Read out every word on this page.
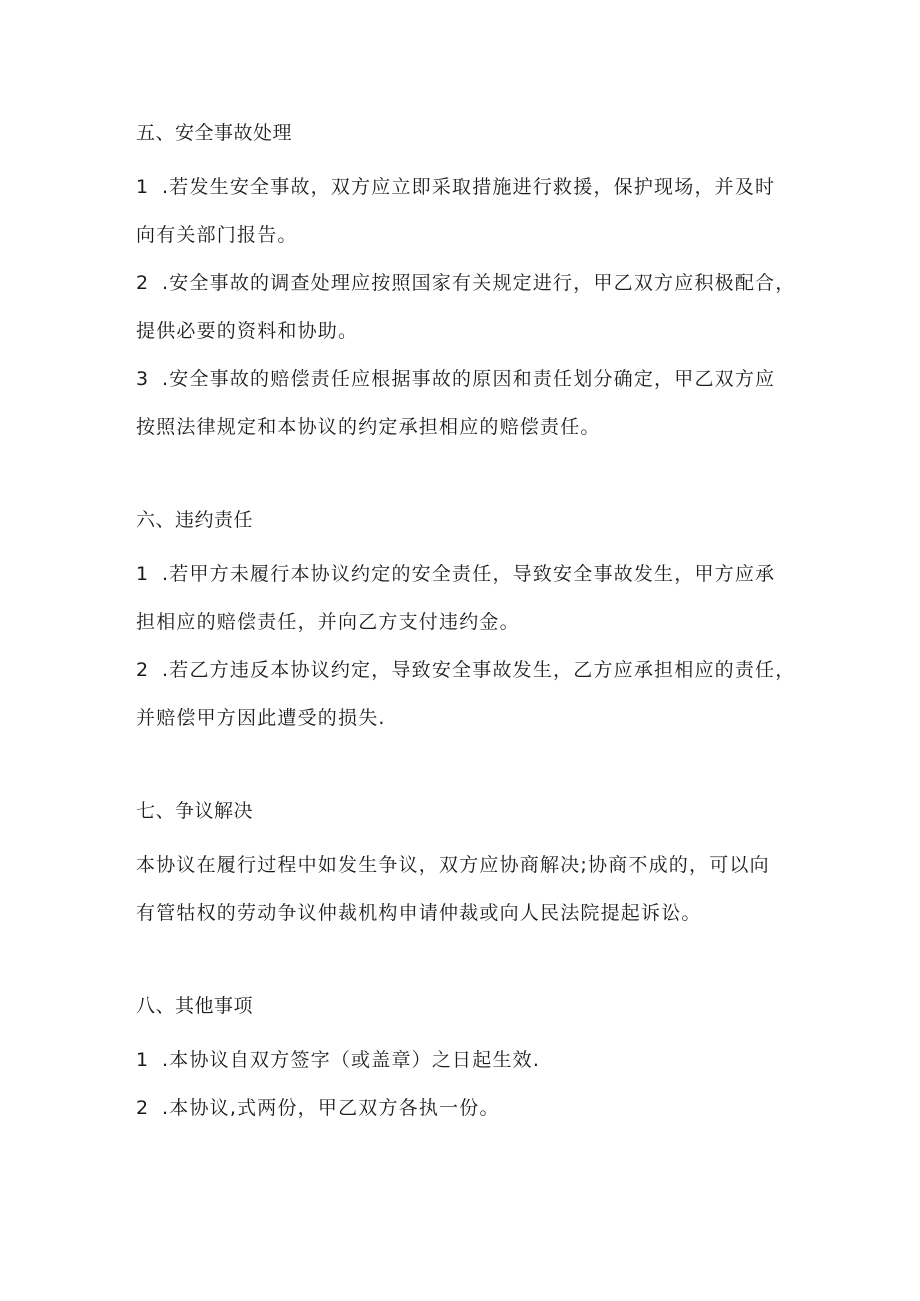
五、安全事故处理
1 .若发生安全事故，双方应立即采取措施进行救援，保护现场，并及时
向有关部门报告。
2 .安全事故的调查处理应按照国家有关规定进行，甲乙双方应积极配合，
提供必要的资料和协助。
3 .安全事故的赔偿责任应根据事故的原因和责任划分确定，甲乙双方应
按照法律规定和本协议的约定承担相应的赔偿责任。
六、违约责任
1 .若甲方未履行本协议约定的安全责任，导致安全事故发生，甲方应承
担相应的赔偿责任，并向乙方支付违约金。
2 .若乙方违反本协议约定，导致安全事故发生，乙方应承担相应的责任，
并赔偿甲方因此遭受的损失.
七、争议解决
本协议在履行过程中如发生争议，双方应协商解决;协商不成的，可以向
有管牯权的劳动争议仲裁机构申请仲裁或向人民法院提起诉讼。
八、其他事项
1 .本协议自双方签字（或盖章）之日起生效.
2 .本协议,式两份，甲乙双方各执一份。
